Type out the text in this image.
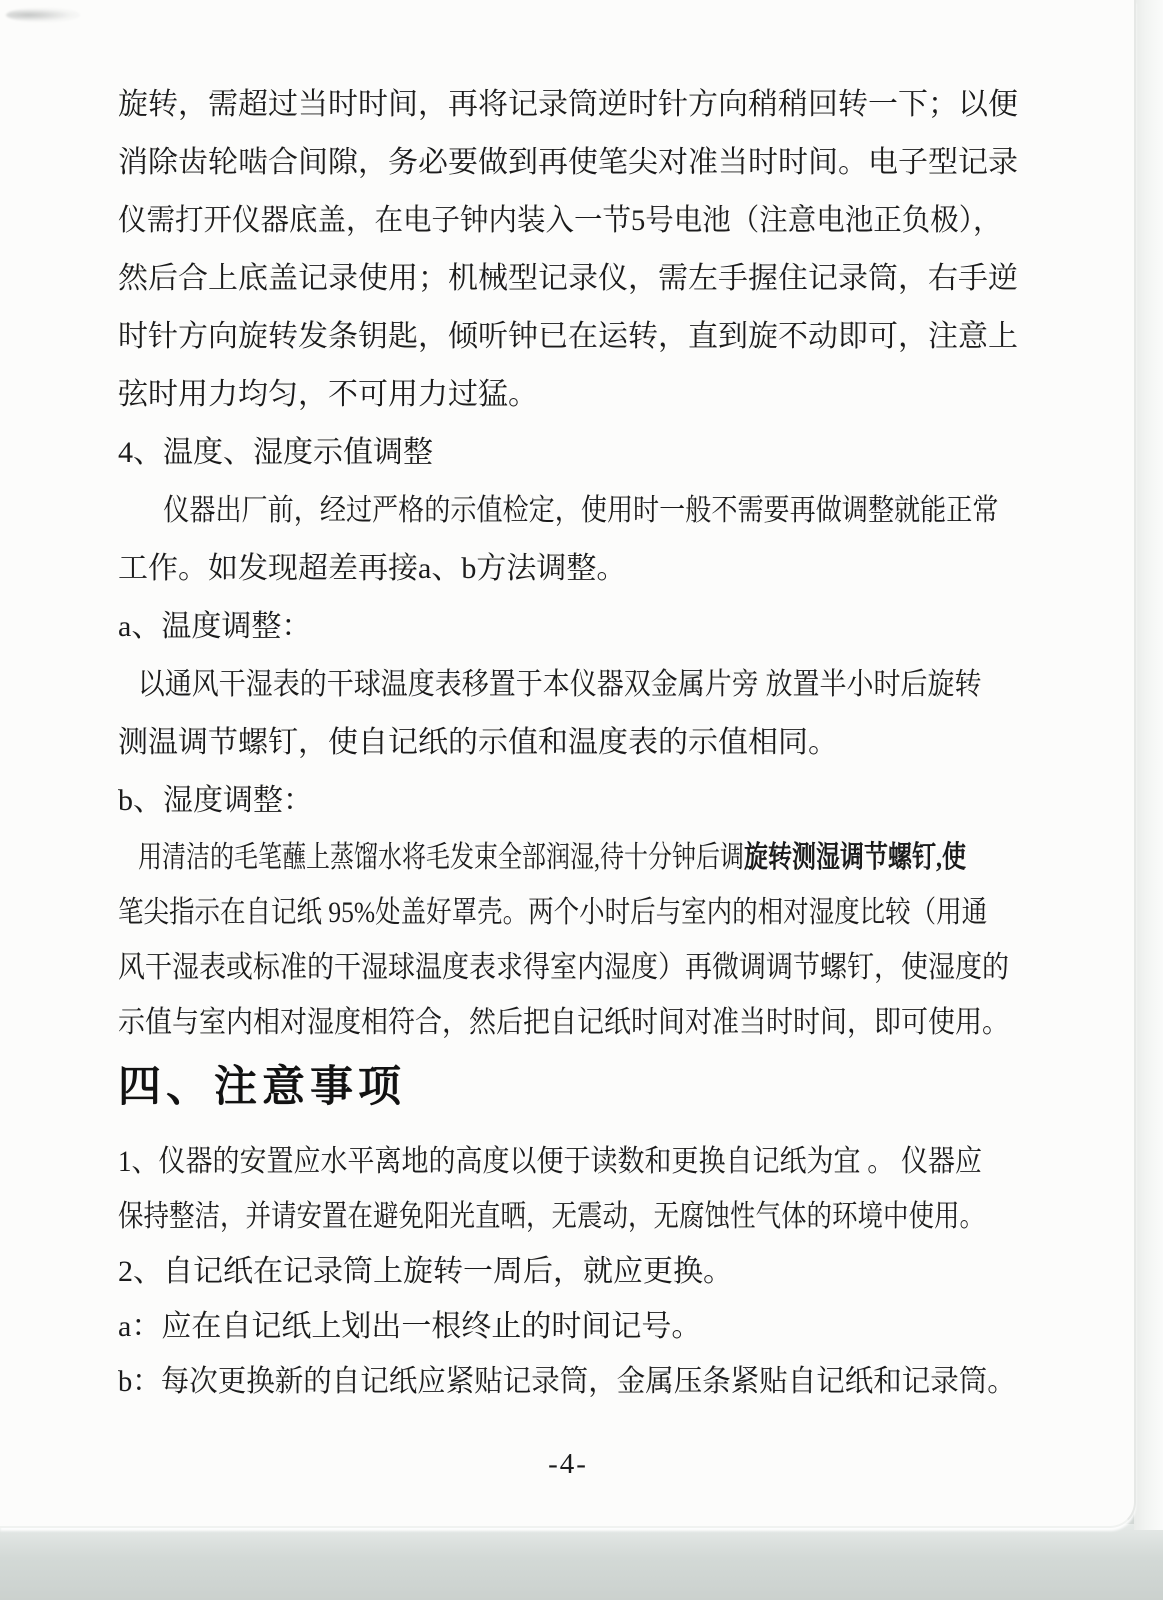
旋转，需超过当时时间，再将记录筒逆时针方向稍稍回转一下；以便
消除齿轮啮合间隙，务必要做到再使笔尖对准当时时间。电子型记录
仪需打开仪器底盖，在电子钟内装入一节5号电池（注意电池正负极），
然后合上底盖记录使用；机械型记录仪，需左手握住记录筒，右手逆
时针方向旋转发条钥匙，倾听钟已在运转，直到旋不动即可，注意上
弦时用力均匀，不可用力过猛。
4、温度、湿度示值调整
仪器出厂前，经过严格的示值检定，使用时一般不需要再做调整就能正常
工作。如发现超差再接a、b方法调整。
a、温度调整：
以通风干湿表的干球温度表移置于本仪器双金属片旁 放置半小时后旋转
测温调节螺钉，使自记纸的示值和温度表的示值相同。
b、湿度调整：
用清洁的毛笔蘸上蒸馏水将毛发束全部润湿,待十分钟后调旋转测湿调节螺钉,使
笔尖指示在自记纸 95%处盖好罩壳。两个小时后与室内的相对湿度比较（用通
风干湿表或标准的干湿球温度表求得室内湿度）再微调调节螺钉，使湿度的
示值与室内相对湿度相符合，然后把自记纸时间对准当时时间，即可使用。
四、注意事项
1、仪器的安置应水平离地的高度以便于读数和更换自记纸为宜 。 仪器应
保持整洁，并请安置在避免阳光直晒，无震动，无腐蚀性气体的环境中使用。
2、自记纸在记录筒上旋转一周后，就应更换。
a：应在自记纸上划出一根终止的时间记号。
b：每次更换新的自记纸应紧贴记录筒，金属压条紧贴自记纸和记录筒。
-4-
